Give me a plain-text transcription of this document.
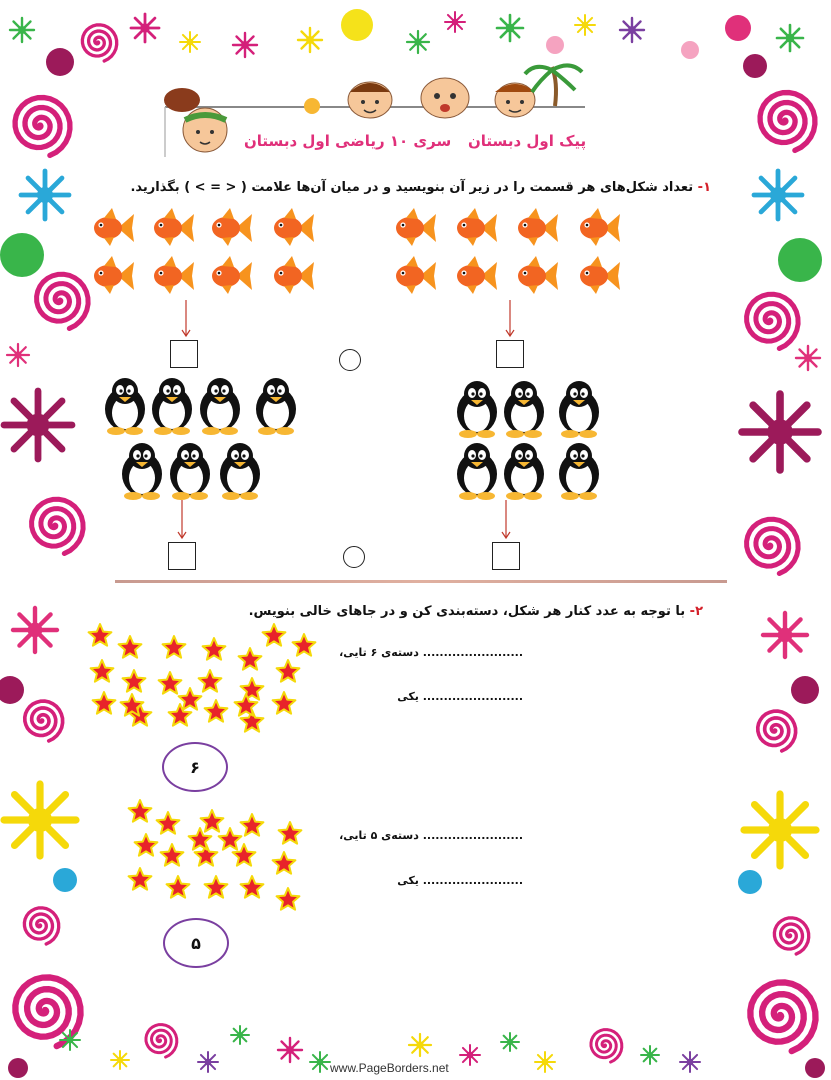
سری ۱۰ ریاضی اول دبستان پیک اول دبستان
۱- تعداد شکل‌های هر قسمت را در زیر آن بنویسید و در میان آن‌ها علامت ( < = > ) بگذارید.
۲- با توجه به عدد کنار هر شکل، دسته‌بندی کن و در جاهای خالی بنویس.
........................ دسته‌ی ۶ تایی،
........................ یکی
۶
........................ دسته‌ی ۵ تایی،
........................ یکی
۵
www.PageBorders.net
